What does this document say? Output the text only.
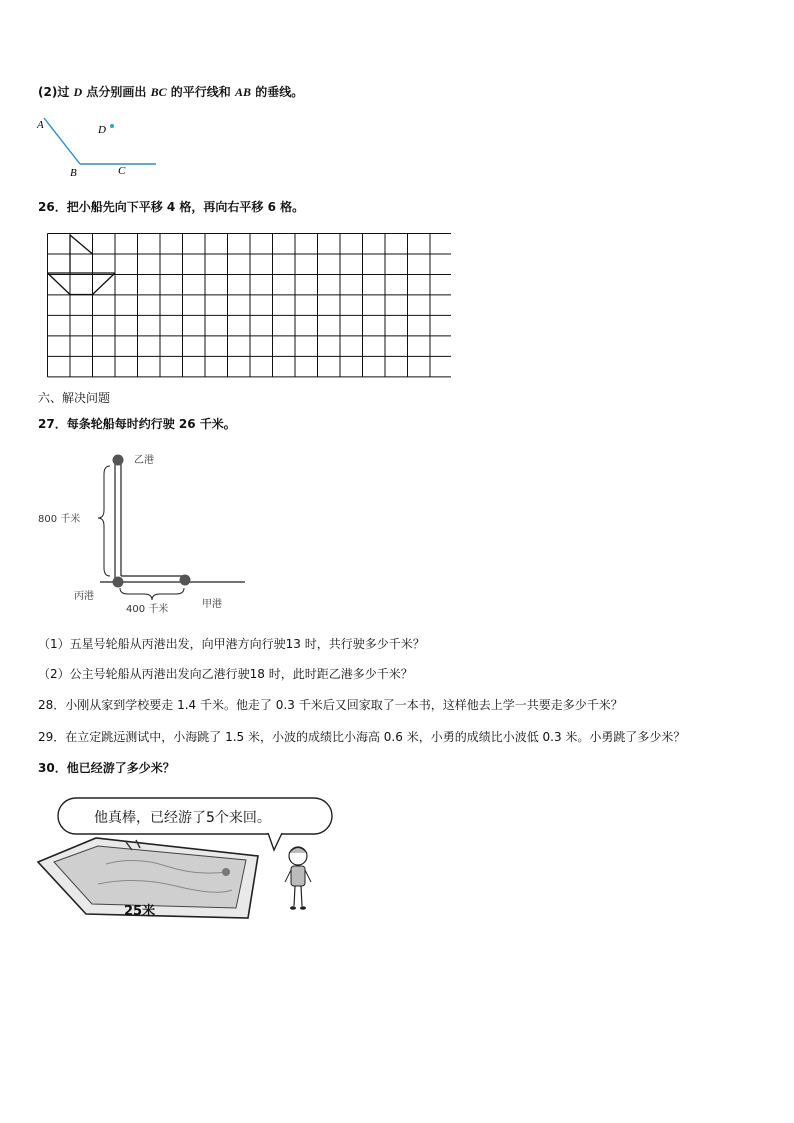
(2)过 D 点分别画出 BC 的平行线和 AB 的垂线。
A
B	C
D
26．把小船先向下平移 4 格，再向右平移 6 格。
六、解决问题
27．每条轮船每时约行驶 26 千米。
乙港
丙港
甲港
800 千米
400 千米
（1）五星号轮船从丙港出发，向甲港方向行驶13 时，共行驶多少千米？
（2）公主号轮船从丙港出发向乙港行驶18 时，此时距乙港多少千米？
28．小刚从家到学校要走 1.4 千米。他走了 0.3 千米后又回家取了一本书，这样他去上学一共要走多少千米？
29．在立定跳远测试中，小海跳了 1.5 米，小波的成绩比小海高 0.6 米，小勇的成绩比小波低 0.3 米。小勇跳了多少米？
30．他已经游了多少米？
他真棒，已经游了5个来回。
25米
